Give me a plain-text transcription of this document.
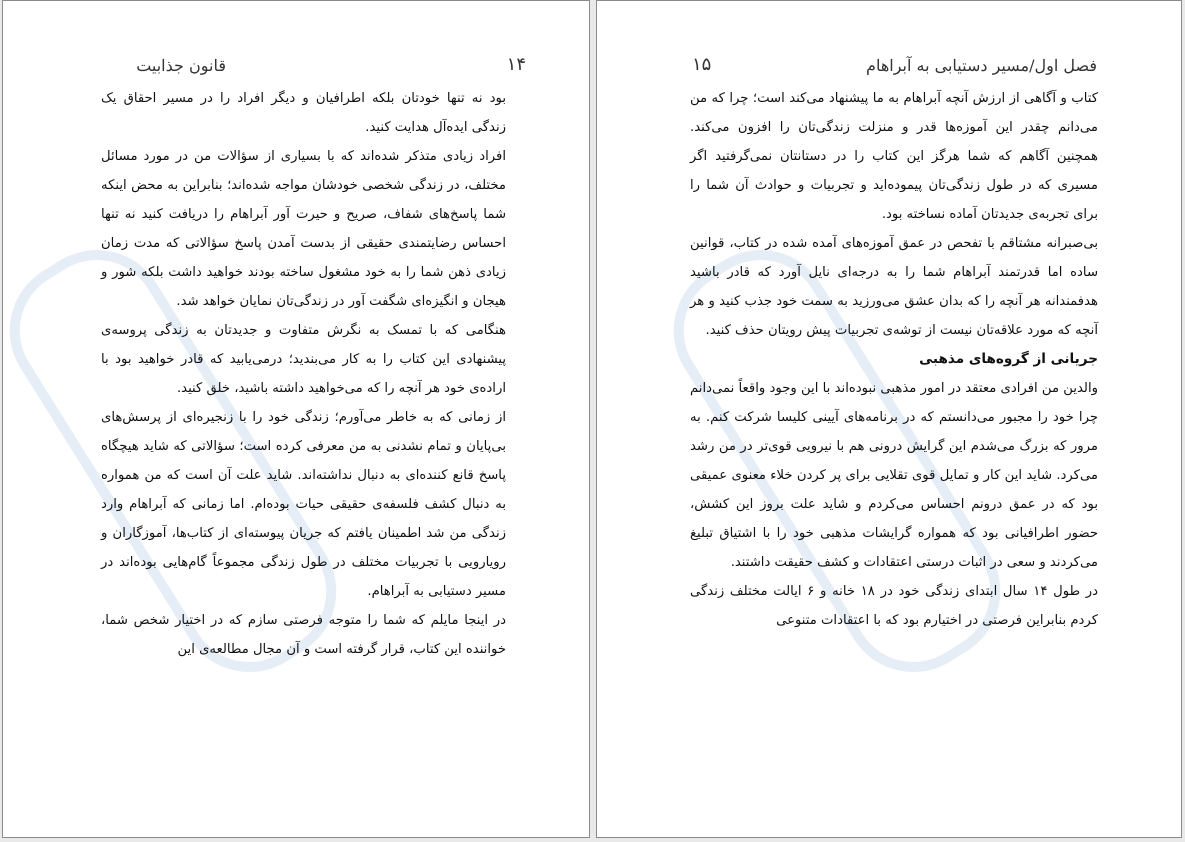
قانون جذابیت	۱۴

بود نه تنها خودتان بلکه اطرافیان و دیگر افراد را در مسیر احقاق یک زندگی ایده‌آل هدایت کنید.

افراد زیادی متذکر شده‌اند که با بسیاری از سؤالات من در مورد مسائل مختلف، در زندگی شخصی خودشان مواجه شده‌اند؛ بنابراین به محض اینکه شما پاسخ‌های شفاف، صریح و حیرت آور آبراهام را دریافت کنید نه تنها احساس رضایتمندی حقیقی از بدست آمدن پاسخ سؤالاتی که مدت زمان زیادی ذهن شما را به خود مشغول ساخته بودند خواهید داشت بلکه شور و هیجان و انگیزه‌ای شگفت آور در زندگی‌تان نمایان خواهد شد.

هنگامی که با تمسک به نگرش متفاوت و جدیدتان به زندگی پروسه‌ی پیشنهادی این کتاب را به کار می‌بندید؛ درمی‌یابید که قادر خواهید بود با اراده‌ی خود هر آنچه را که می‌خواهید داشته باشید، خلق کنید.

از زمانی که به خاطر می‌آورم؛ زندگی خود را با زنجیره‌ای از پرسش‌های بی‌پایان و تمام نشدنی به من معرفی کرده است؛ سؤالاتی که شاید هیچگاه پاسخ قانع کننده‌ای به دنبال نداشته‌اند. شاید علت آن است که من همواره به دنبال کشف فلسفه‌ی حقیقی حیات بوده‌ام. اما زمانی که آبراهام وارد زندگی من شد اطمینان یافتم که جریان پیوسته‌ای از کتاب‌ها، آموزگاران و رویارویی با تجربیات مختلف در طول زندگی مجموعاً گام‌هایی بوده‌اند در مسیر دستیابی به آبراهام.

در اینجا مایلم که شما را متوجه فرصتی سازم که در اختیار شخص شما، خواننده این کتاب، قرار گرفته است و آن مجال مطالعه‌ی این

فصل اول/مسیر دستیابی به آبراهام
۱۵

کتاب و آگاهی از ارزش آنچه آبراهام به ما پیشنهاد می‌کند است؛ چرا که من می‌دانم چقدر این آموزه‌ها قدر و منزلت زندگی‌تان را افزون می‌کند. همچنین آگاهم که شما هرگز این کتاب را در دستانتان نمی‌گرفتید اگر مسیری که در طول زندگی‌تان پیموده‌اید و تجربیات و حوادث آن شما را برای تجربه‌ی جدیدتان آماده نساخته بود.

بی‌صبرانه مشتاقم با تفحص در عمق آموزه‌های آمده شده در کتاب، قوانین ساده اما قدرتمند آبراهام شما را به درجه‌ای نایل آورد که قادر باشید هدفمندانه هر آنچه را که بدان عشق می‌ورزید به سمت خود جذب کنید و هر آنچه که مورد علاقه‌تان نیست از توشه‌ی تجربیات پیش رویتان حذف کنید.

جریانی از گروه‌های مذهبی

والدین من افرادی معتقد در امور مذهبی نبوده‌اند با این وجود واقعاً نمی‌دانم چرا خود را مجبور می‌دانستم که در برنامه‌های آیینی کلیسا شرکت کنم. به مرور که بزرگ می‌شدم این گرایش درونی هم با نیرویی قوی‌تر در من رشد می‌کرد. شاید این کار و تمایل قوی تقلایی برای پر کردن خلاء معنوی عمیقی بود که در عمق درونم احساس می‌کردم و شاید علت بروز این کشش، حضور اطرافیانی بود که همواره گرایشات مذهبی خود را با اشتیاق تبلیغ می‌کردند و سعی در اثبات درستی اعتقادات و کشف حقیقت داشتند.

در طول ۱۴ سال ابتدای زندگی خود در ۱۸ خانه و ۶ ایالت مختلف زندگی کردم بنابراین فرصتی در اختیارم بود که با اعتقادات متنوعی
